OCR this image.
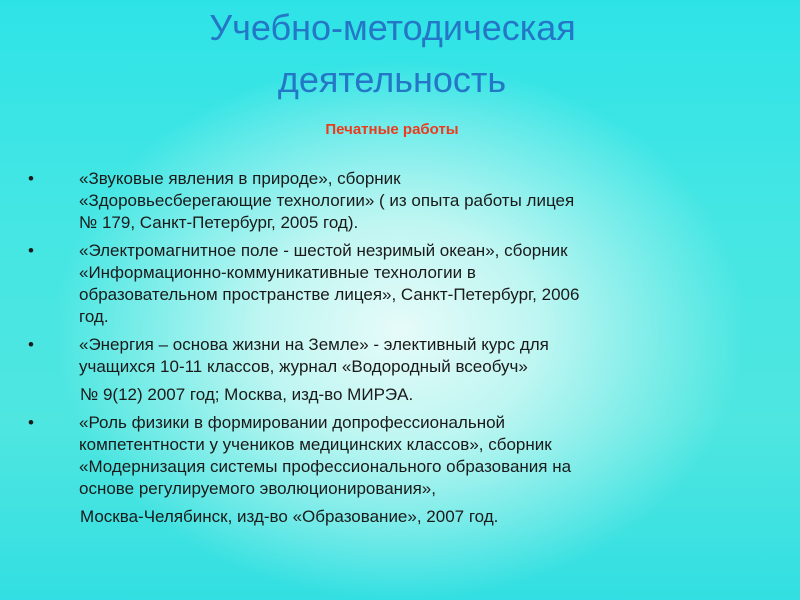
Учебно-методическая
деятельность

Печатные работы

•	«Звуковые явления в природе», сборник
«Здоровьесберегающие технологии» ( из опыта работы лицея
№ 179, Санкт-Петербург, 2005 год).
•	«Электромагнитное поле - шестой незримый океан», сборник
«Информационно-коммуникативные технологии в
образовательном пространстве лицея», Санкт-Петербург, 2006
год.
•	«Энергия – основа жизни на Земле» - элективный курс для
учащихся 10-11 классов, журнал «Водородный всеобуч»
№ 9(12) 2007 год; Москва, изд-во МИРЭА.
•	«Роль физики в формировании допрофессиональной
компетентности у учеников медицинских классов», сборник
«Модернизация системы профессионального образования на
основе регулируемого эволюционирования»,
Москва-Челябинск, изд-во «Образование», 2007 год.
